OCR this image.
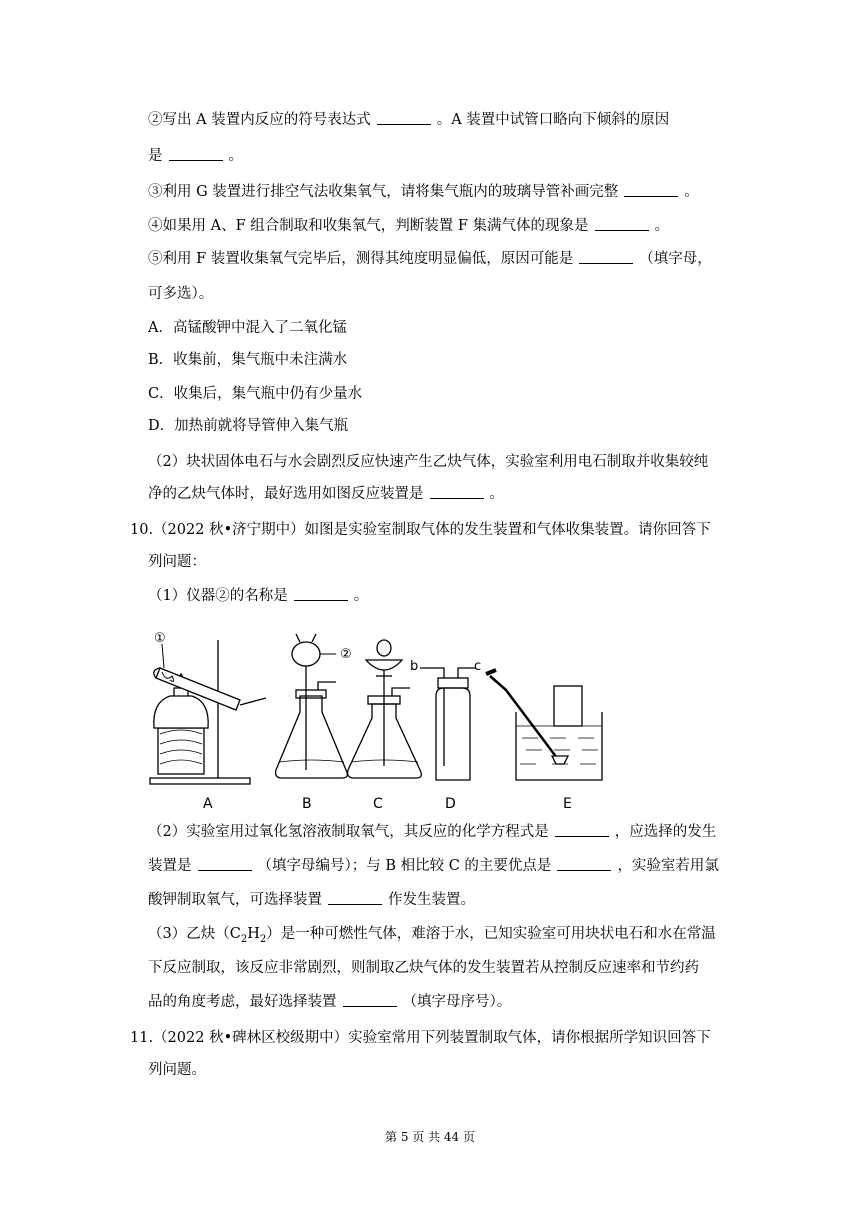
②写出 A 装置内反应的符号表达式	。A 装置中试管口略向下倾斜的原因
是	。
③利用 G 装置进行排空气法收集氧气，请将集气瓶内的玻璃导管补画完整	。
④如果用 A、F 组合制取和收集氧气，判断装置 F 集满气体的现象是	。
⑤利用 F 装置收集氧气完毕后，测得其纯度明显偏低，原因可能是	（填字母，
可多选）。
A．高锰酸钾中混入了二氧化锰
B．收集前，集气瓶中未注满水
C．收集后，集气瓶中仍有少量水
D．加热前就将导管伸入集气瓶
（2）块状固体电石与水会剧烈反应快速产生乙炔气体，实验室利用电石制取并收集较纯
净的乙炔气体时，最好选用如图反应装置是	。
10.（2022 秋•济宁期中）如图是实验室制取气体的发生装置和气体收集装置。请你回答下
列问题：
（1）仪器②的名称是	。
①
②
b	c
A	B	C	D	E
（2）实验室用过氧化氢溶液制取氧气，其反应的化学方程式是	，应选择的发生
装置是	（填字母编号）；与 B 相比较 C 的主要优点是	，实验室若用氯
酸钾制取氧气，可选择装置	作发生装置。
（3）乙炔$(C_2H_2)$是一种可燃性气体，难溶于水，已知实验室可用块状电石和水在常温
下反应制取，该反应非常剧烈，则制取乙炔气体的发生装置若从控制反应速率和节约药
品的角度考虑，最好选择装置	（填字母序号）。
11.（2022 秋•碑林区校级期中）实验室常用下列装置制取气体，请你根据所学知识回答下
列问题。
第 5 页 共 44 页
